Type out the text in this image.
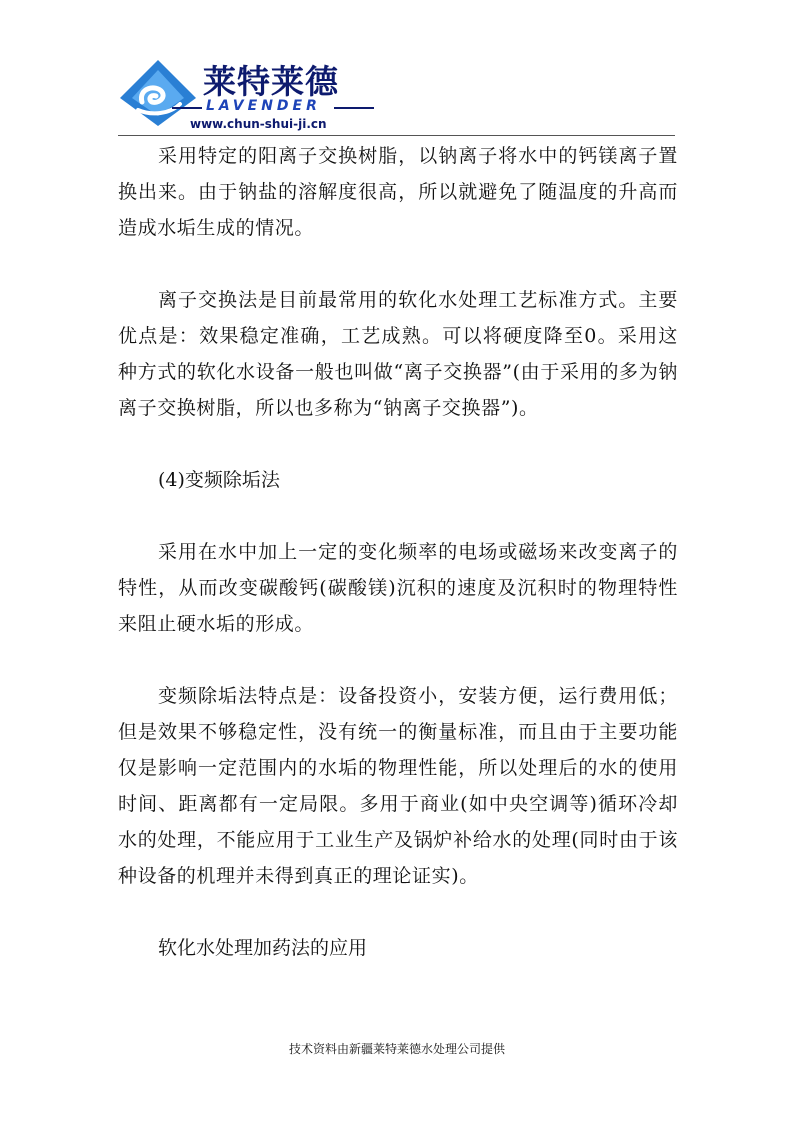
莱特莱德
LAVENDER
www.chun-shui-ji.cn

采用特定的阳离子交换树脂，以钠离子将水中的钙镁离子置换出来。由于钠盐的溶解度很高，所以就避免了随温度的升高而造成水垢生成的情况。

离子交换法是目前最常用的软化水处理工艺标准方式。主要优点是：效果稳定准确，工艺成熟。可以将硬度降至0。采用这种方式的软化水设备一般也叫做“离子交换器”(由于采用的多为钠离子交换树脂，所以也多称为“钠离子交换器”)。

(4)变频除垢法

采用在水中加上一定的变化频率的电场或磁场来改变离子的特性，从而改变碳酸钙(碳酸镁)沉积的速度及沉积时的物理特性来阻止硬水垢的形成。

变频除垢法特点是：设备投资小，安装方便，运行费用低；但是效果不够稳定性，没有统一的衡量标准，而且由于主要功能仅是影响一定范围内的水垢的物理性能，所以处理后的水的使用时间、距离都有一定局限。多用于商业(如中央空调等)循环冷却水的处理，不能应用于工业生产及锅炉补给水的处理(同时由于该种设备的机理并未得到真正的理论证实)。

软化水处理加药法的应用

技术资料由新疆莱特莱德水处理公司提供
